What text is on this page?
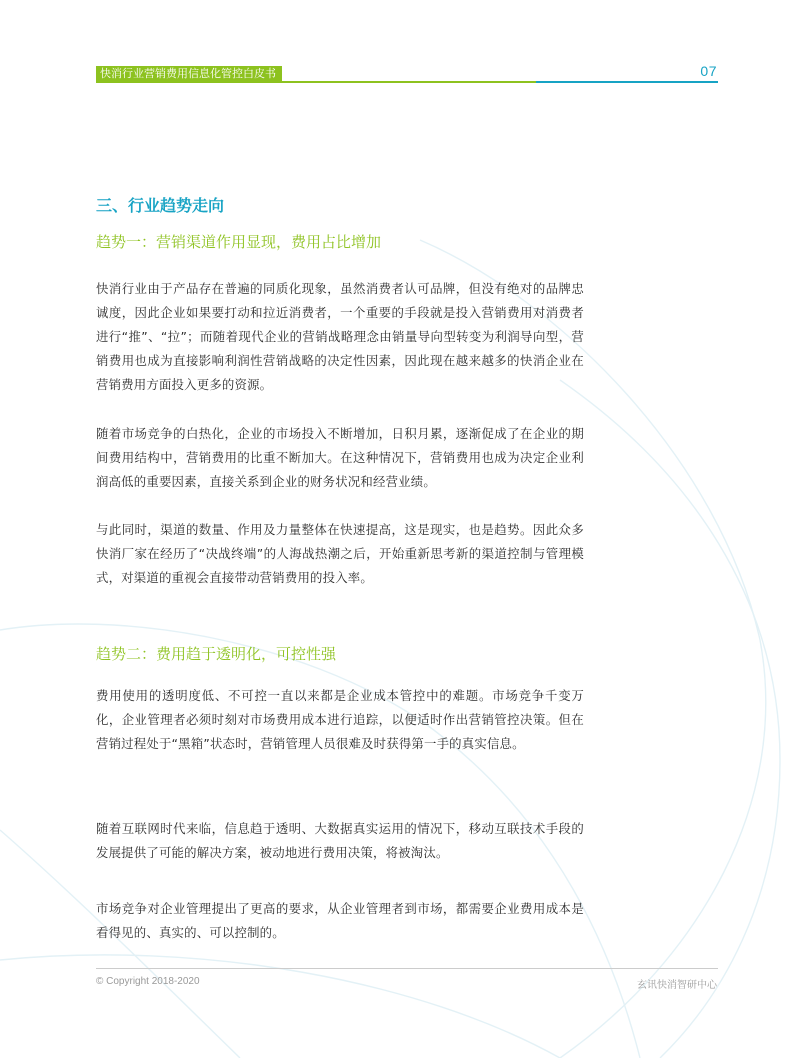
快消行业营销费用信息化管控白皮书	07
三、行业趋势走向
趋势一：营销渠道作用显现，费用占比增加

快消行业由于产品存在普遍的同质化现象，虽然消费者认可品牌，但没有绝对的品牌忠诚度，因此企业如果要打动和拉近消费者，一个重要的手段就是投入营销费用对消费者进行“推”、“拉”；而随着现代企业的营销战略理念由销量导向型转变为利润导向型，营销费用也成为直接影响利润性营销战略的决定性因素，因此现在越来越多的快消企业在营销费用方面投入更多的资源。

随着市场竞争的白热化，企业的市场投入不断增加，日积月累，逐渐促成了在企业的期间费用结构中，营销费用的比重不断加大。在这种情况下，营销费用也成为决定企业利润高低的重要因素，直接关系到企业的财务状况和经营业绩。

与此同时，渠道的数量、作用及力量整体在快速提高，这是现实，也是趋势。因此众多快消厂家在经历了“决战终端”的人海战热潮之后，开始重新思考新的渠道控制与管理模式，对渠道的重视会直接带动营销费用的投入率。

趋势二：费用趋于透明化，可控性强

费用使用的透明度低、不可控一直以来都是企业成本管控中的难题。市场竞争千变万化，企业管理者必须时刻对市场费用成本进行追踪，以便适时作出营销管控决策。但在营销过程处于“黑箱”状态时，营销管理人员很难及时获得第一手的真实信息。

随着互联网时代来临，信息趋于透明、大数据真实运用的情况下，移动互联技术手段的发展提供了可能的解决方案，被动地进行费用决策，将被淘汰。

市场竞争对企业管理提出了更高的要求，从企业管理者到市场，都需要企业费用成本是看得见的、真实的、可以控制的。

© Copyright 2018-2020	玄讯快消智研中心
